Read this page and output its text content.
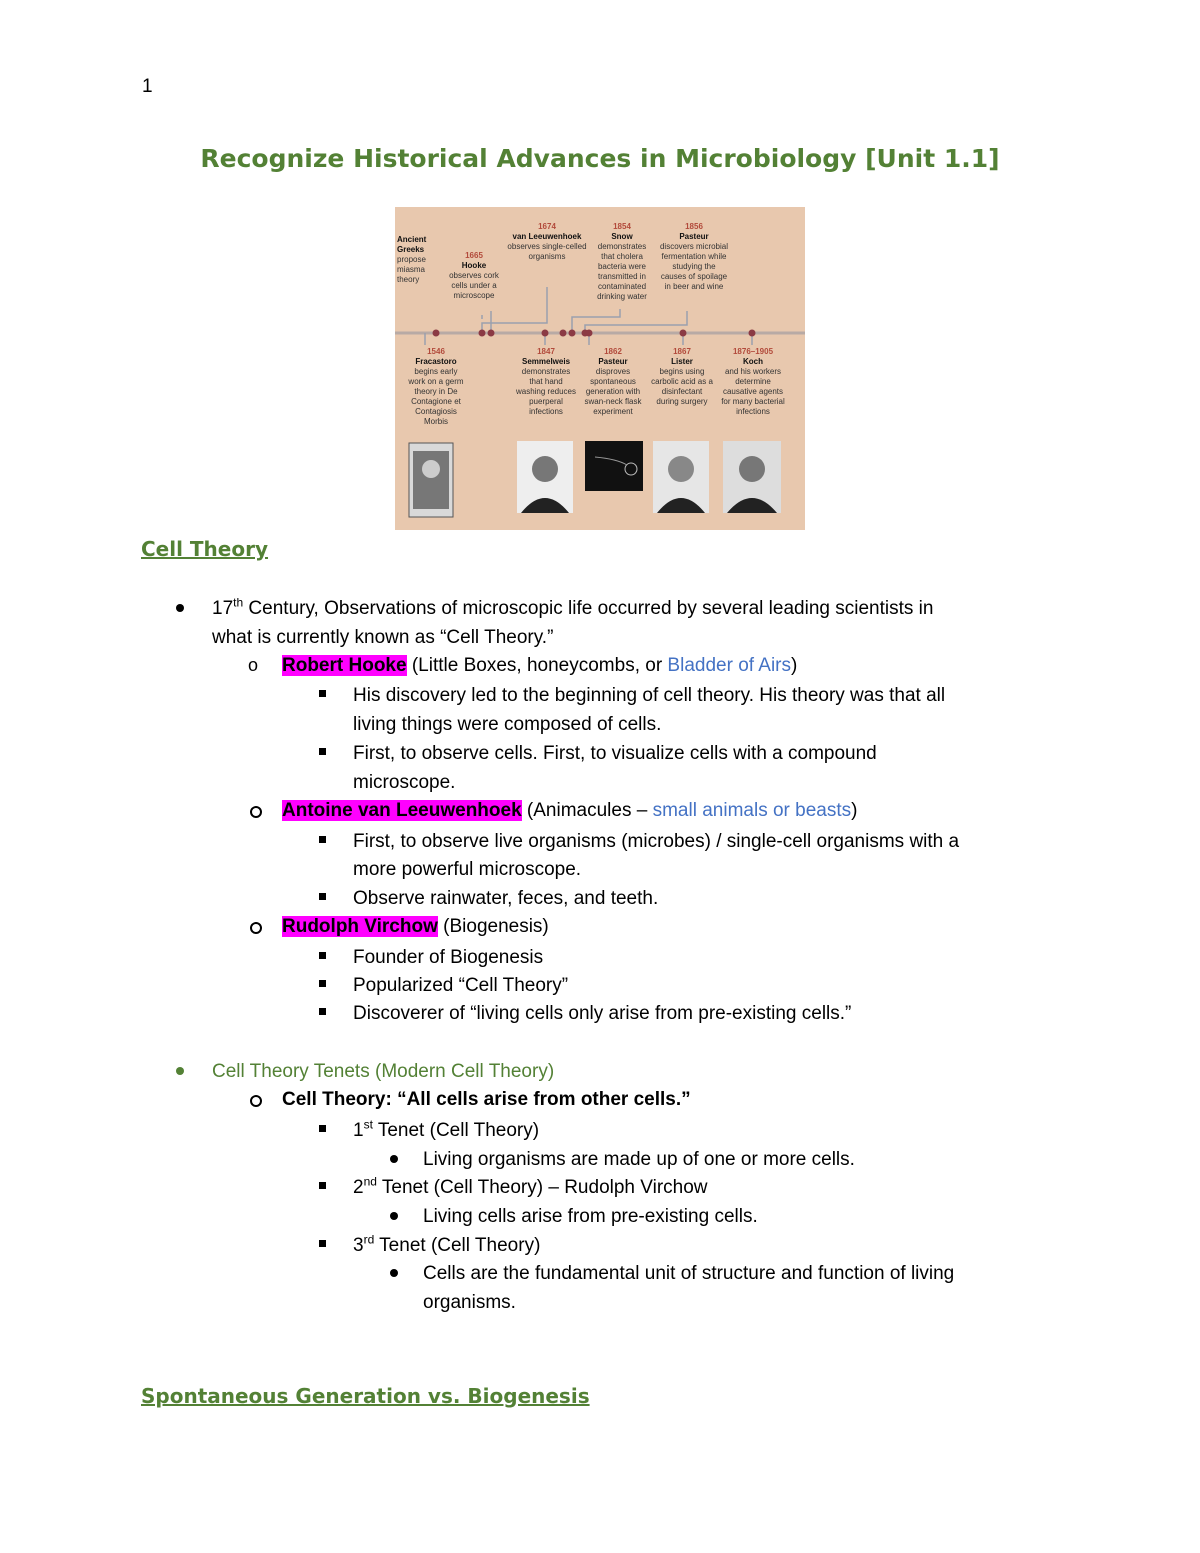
1
Recognize Historical Advances in Microbiology [Unit 1.1]
Ancient Greeks
propose miasma theory
1665
Hooke
observes cork cells under a microscope
1674
van Leeuwenhoek
observes single-celled organisms
1854
Snow
demonstrates that cholera bacteria were transmitted in contaminated drinking water
1856
Pasteur
discovers microbial fermentation while studying the causes of spoilage in beer and wine
1546
Fracastoro
begins early work on a germ theory in De Contagione et Contagiosis Morbis
1847
Semmelweis
demonstrates that hand washing reduces puerperal infections
1862
Pasteur
disproves spontaneous generation with swan-neck flask experiment
1867
Lister
begins using carbolic acid as a disinfectant during surgery
1876–1905
Koch
and his workers determine causative agents for many bacterial infections
Cell Theory
17th Century, Observations of microscopic life occurred by several leading scientists in
what is currently known as “Cell Theory.”
o Robert Hooke (Little Boxes, honeycombs, or Bladder of Airs)
His discovery led to the beginning of cell theory. His theory was that all
living things were composed of cells.
First, to observe cells. First, to visualize cells with a compound
microscope.
Antoine van Leeuwenhoek (Animacules – small animals or beasts)
First, to observe live organisms (microbes) / single-cell organisms with a
more powerful microscope.
Observe rainwater, feces, and teeth.
Rudolph Virchow (Biogenesis)
Founder of Biogenesis
Popularized “Cell Theory”
Discoverer of “living cells only arise from pre-existing cells.”
Cell Theory Tenets (Modern Cell Theory)
Cell Theory: “All cells arise from other cells.”
1st Tenet (Cell Theory)
Living organisms are made up of one or more cells.
2nd Tenet (Cell Theory) – Rudolph Virchow
Living cells arise from pre-existing cells.
3rd Tenet (Cell Theory)
Cells are the fundamental unit of structure and function of living
organisms.
Spontaneous Generation vs. Biogenesis
